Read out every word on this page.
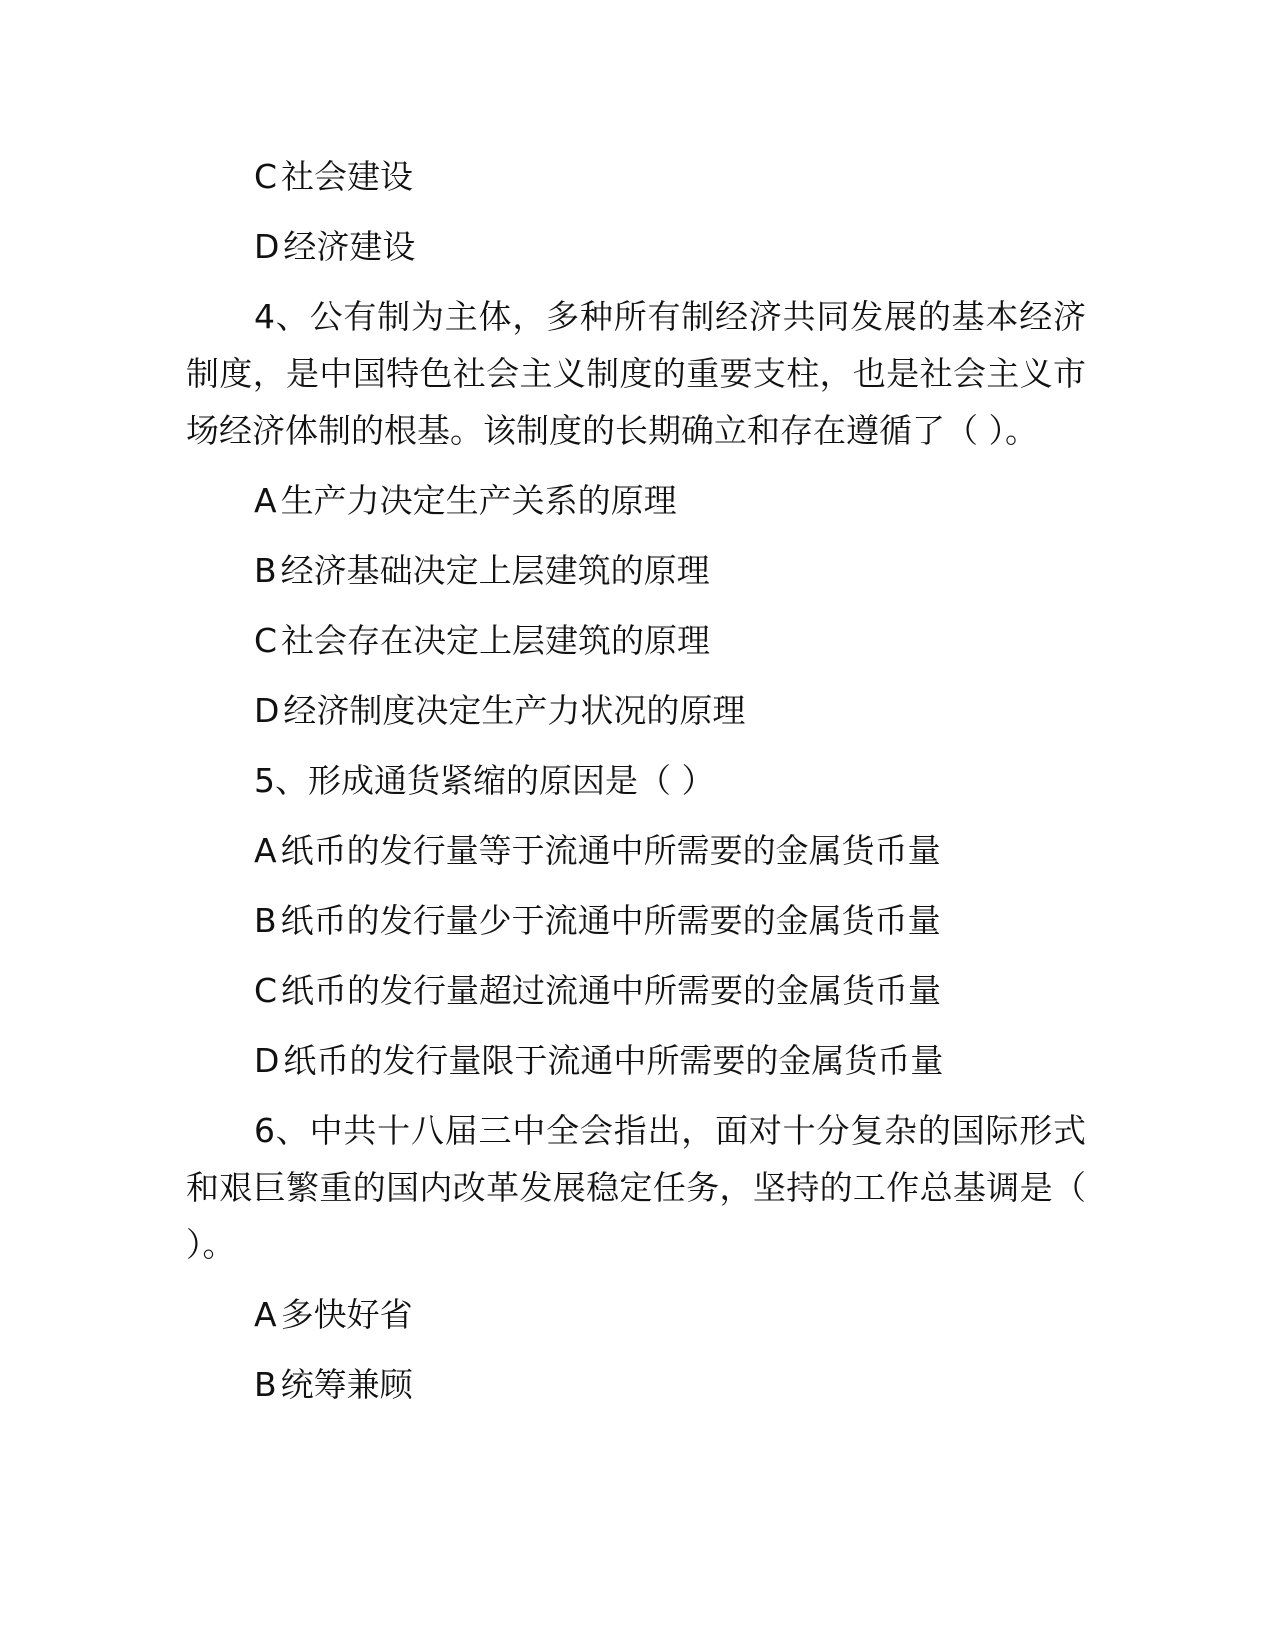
C 社会建设
D 经济建设
4、公有制为主体，多种所有制经济共同发展的基本经济制度，是中国特色社会主义制度的重要支柱，也是社会主义市场经济体制的根基。该制度的长期确立和存在遵循了（ ）。
A 生产力决定生产关系的原理
B 经济基础决定上层建筑的原理
C 社会存在决定上层建筑的原理
D 经济制度决定生产力状况的原理
5、形成通货紧缩的原因是（ ）
A 纸币的发行量等于流通中所需要的金属货币量
B 纸币的发行量少于流通中所需要的金属货币量
C 纸币的发行量超过流通中所需要的金属货币量
D 纸币的发行量限于流通中所需要的金属货币量
6、中共十八届三中全会指出，面对十分复杂的国际形式和艰巨繁重的国内改革发展稳定任务，坚持的工作总基调是（ ）。
A 多快好省
B 统筹兼顾
